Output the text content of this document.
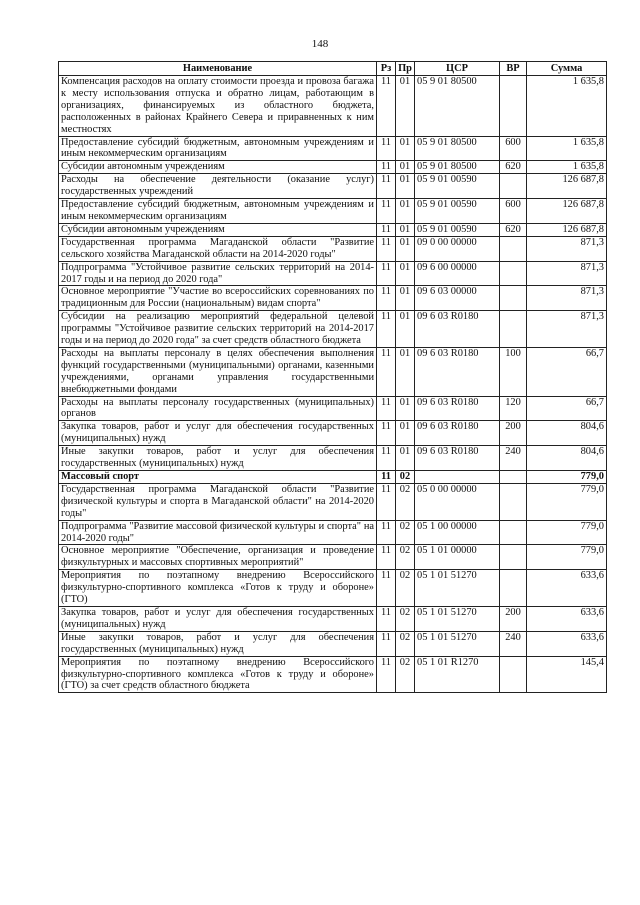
148
Наименование	Рз	Пр	ЦСР	ВР	Сумма
Компенсация расходов на оплату стоимости проезда и провоза багажа к месту использования отпуска и обратно лицам, работающим в организациях, финансируемых из областного бюджета, расположенных в районах Крайнего Севера и приравненных к ним местностях	11	01	05 9 01 80500		1 635,8
Предоставление субсидий бюджетным, автономным учреждениям и иным некоммерческим организациям	11	01	05 9 01 80500	600	1 635,8
Субсидии автономным учреждениям	11	01	05 9 01 80500	620	1 635,8
Расходы на обеспечение деятельности (оказание услуг) государственных учреждений	11	01	05 9 01 00590		126 687,8
Предоставление субсидий бюджетным, автономным учреждениям и иным некоммерческим организациям	11	01	05 9 01 00590	600	126 687,8
Субсидии автономным учреждениям	11	01	05 9 01 00590	620	126 687,8
Государственная программа Магаданской области "Развитие сельского хозяйства Магаданской области на 2014-2020 годы"	11	01	09 0 00 00000		871,3
Подпрограмма "Устойчивое развитие сельских территорий на 2014-2017 годы и на период до 2020 года"	11	01	09 6 00 00000		871,3
Основное мероприятие "Участие во всероссийских соревнованиях по традиционным для России (национальным) видам спорта"	11	01	09 6 03 00000		871,3
Субсидии на реализацию мероприятий федеральной целевой программы "Устойчивое развитие сельских территорий на 2014-2017 годы и на период до 2020 года" за счет средств областного бюджета	11	01	09 6 03 R0180		871,3
Расходы на выплаты персоналу в целях обеспечения выполнения функций государственными (муниципальными) органами, казенными учреждениями, органами управления государственными внебюджетными фондами	11	01	09 6 03 R0180	100	66,7
Расходы на выплаты персоналу государственных (муниципальных) органов	11	01	09 6 03 R0180	120	66,7
Закупка товаров, работ и услуг для обеспечения государственных (муниципальных) нужд	11	01	09 6 03 R0180	200	804,6
Иные закупки товаров, работ и услуг для обеспечения государственных (муниципальных) нужд	11	01	09 6 03 R0180	240	804,6
Массовый спорт	11	02			779,0
Государственная программа Магаданской области "Развитие физической культуры и спорта в Магаданской области" на 2014-2020 годы"	11	02	05 0 00 00000		779,0
Подпрограмма "Развитие массовой физической культуры и спорта" на 2014-2020 годы"	11	02	05 1 00 00000		779,0
Основное мероприятие "Обеспечение, организация и проведение физкультурных и массовых спортивных мероприятий"	11	02	05 1 01 00000		779,0
Мероприятия по поэтапному внедрению Всероссийского физкультурно-спортивного комплекса «Готов к труду и обороне» (ГТО)	11	02	05 1 01 51270		633,6
Закупка товаров, работ и услуг для обеспечения государственных (муниципальных) нужд	11	02	05 1 01 51270	200	633,6
Иные закупки товаров, работ и услуг для обеспечения государственных (муниципальных) нужд	11	02	05 1 01 51270	240	633,6
Мероприятия по поэтапному внедрению Всероссийского физкультурно-спортивного комплекса «Готов к труду и обороне» (ГТО) за счет средств областного бюджета	11	02	05 1 01 R1270		145,4
